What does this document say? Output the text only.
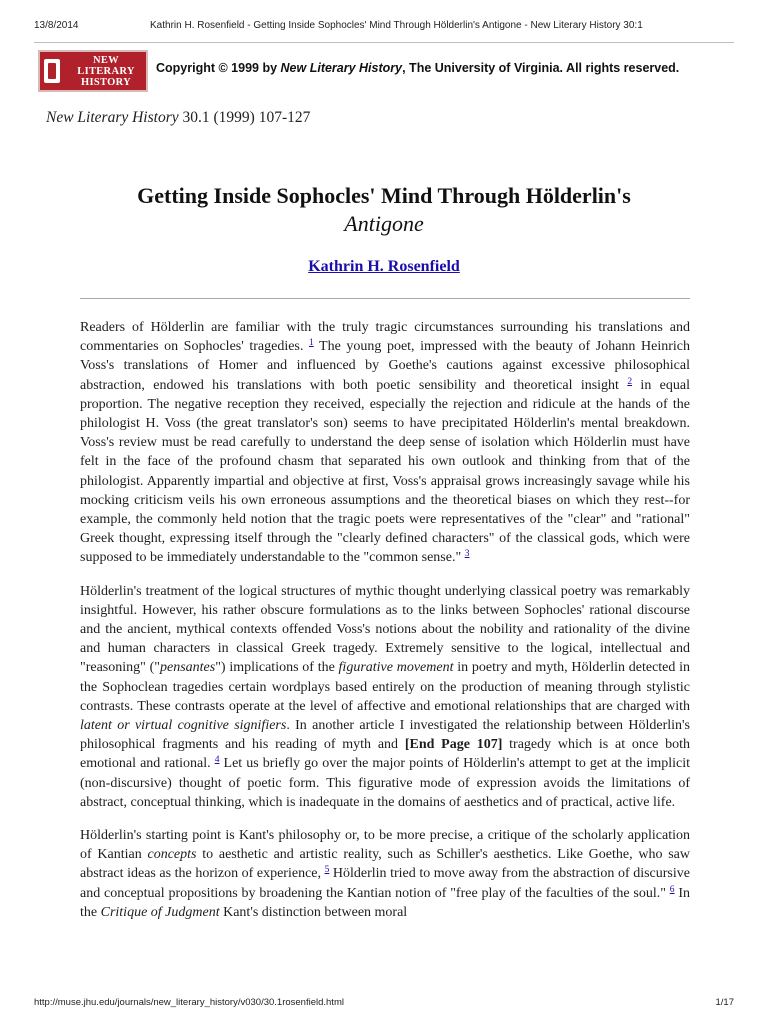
13/8/2014	Kathrin H. Rosenfield - Getting Inside Sophocles' Mind Through Hölderlin's Antigone - New Literary History 30:1
NEW
LITERARY
HISTORY
Copyright © 1999 by New Literary History, The University of Virginia. All rights reserved.
New Literary History 30.1 (1999) 107-127
Getting Inside Sophocles' Mind Through Hölderlin's
Antigone
Kathrin H. Rosenfield

Readers of Hölderlin are familiar with the truly tragic circumstances surrounding his translations and commentaries on Sophocles' tragedies. $^1$ The young poet, impressed with the beauty of Johann Heinrich Voss's translations of Homer and influenced by Goethe's cautions against excessive philosophical abstraction, endowed his translations with both poetic sensibility and theoretical insight $^2$ in equal proportion. The negative reception they received, especially the rejection and ridicule at the hands of the philologist H. Voss (the great translator's son) seems to have precipitated Hölderlin's mental breakdown. Voss's review must be read carefully to understand the deep sense of isolation which Hölderlin must have felt in the face of the profound chasm that separated his own outlook and thinking from that of the philologist. Apparently impartial and objective at first, Voss's appraisal grows increasingly savage while his mocking criticism veils his own erroneous assumptions and the theoretical biases on which they rest--for example, the commonly held notion that the tragic poets were representatives of the "clear" and "rational" Greek thought, expressing itself through the "clearly defined characters" of the classical gods, which were supposed to be immediately understandable to the "common sense." $^3$

Hölderlin's treatment of the logical structures of mythic thought underlying classical poetry was remarkably insightful. However, his rather obscure formulations as to the links between Sophocles' rational discourse and the ancient, mythical contexts offended Voss's notions about the nobility and rationality of the divine and human characters in classical Greek tragedy. Extremely sensitive to the logical, intellectual and "reasoning" ("pensantes") implications of the figurative movement in poetry and myth, Hölderlin detected in the Sophoclean tragedies certain wordplays based entirely on the production of meaning through stylistic contrasts. These contrasts operate at the level of affective and emotional relationships that are charged with latent or virtual cognitive signifiers. In another article I investigated the relationship between Hölderlin's philosophical fragments and his reading of myth and [End Page 107] tragedy which is at once both emotional and rational. $^4$ Let us briefly go over the major points of Hölderlin's attempt to get at the implicit (non-discursive) thought of poetic form. This figurative mode of expression avoids the limitations of abstract, conceptual thinking, which is inadequate in the domains of aesthetics and of practical, active life.

Hölderlin's starting point is Kant's philosophy or, to be more precise, a critique of the scholarly application of Kantian concepts to aesthetic and artistic reality, such as Schiller's aesthetics. Like Goethe, who saw abstract ideas as the horizon of experience, $^5$ Hölderlin tried to move away from the abstraction of discursive and conceptual propositions by broadening the Kantian notion of "free play of the faculties of the soul." $^6$ In the Critique of Judgment Kant's distinction between moral

http://muse.jhu.edu/journals/new_literary_history/v030/30.1rosenfield.html	1/17
